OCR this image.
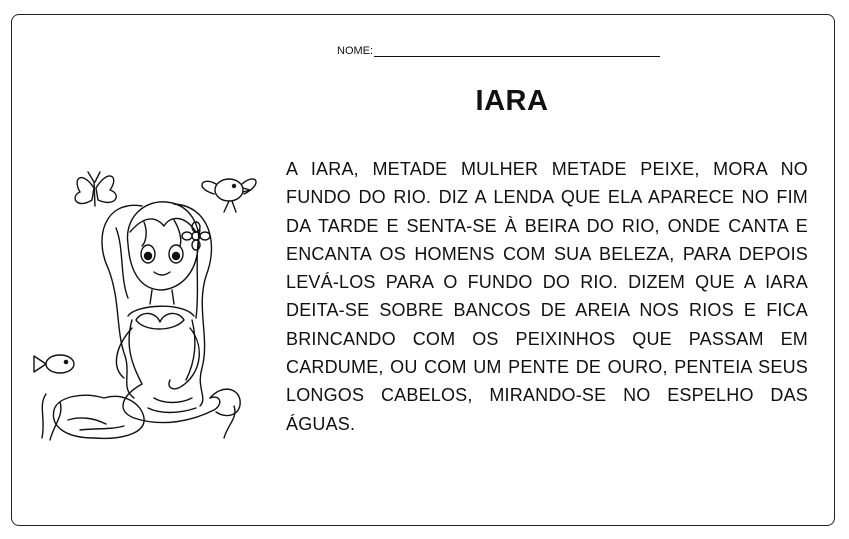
NOME:
IARA
A IARA, METADE MULHER METADE PEIXE, MORA NO FUNDO DO RIO. DIZ A LENDA QUE ELA APARECE NO FIM DA TARDE E SENTA-SE À BEIRA DO RIO, ONDE CANTA E ENCANTA OS HOMENS COM SUA BELEZA, PARA DEPOIS LEVÁ-LOS PARA O FUNDO DO RIO. DIZEM QUE A IARA DEITA-SE SOBRE BANCOS DE AREIA NOS RIOS E FICA BRINCANDO COM OS PEIXINHOS QUE PASSAM EM CARDUME, OU COM UM PENTE DE OURO, PENTEIA SEUS LONGOS CABELOS, MIRANDO-SE NO ESPELHO DAS ÁGUAS.
